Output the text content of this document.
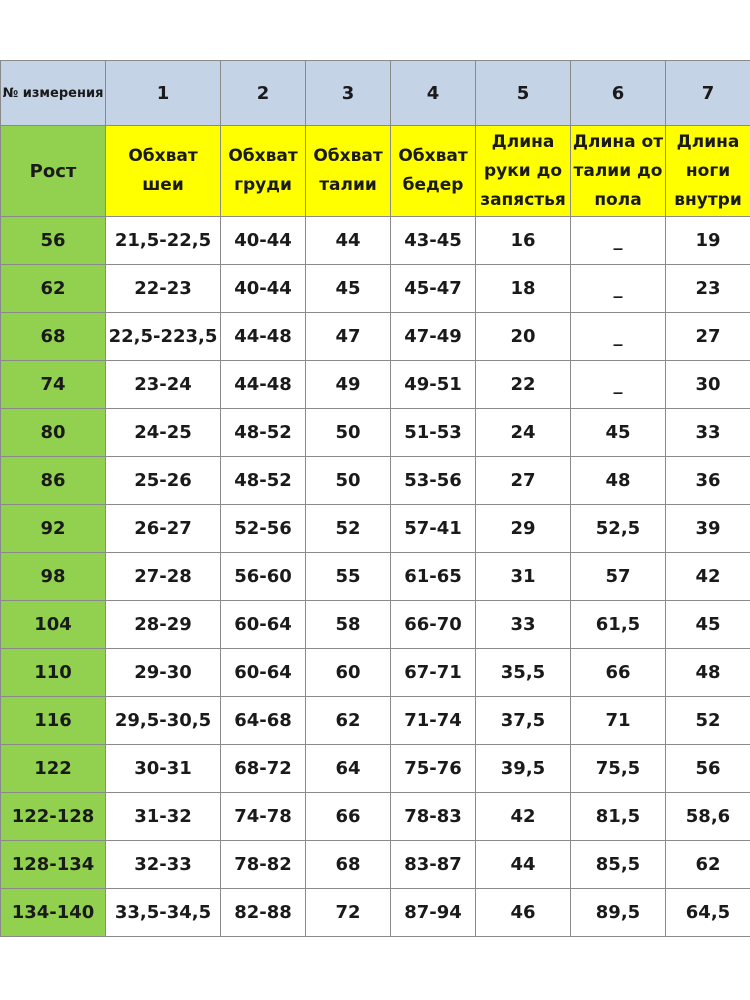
№ измерения	1	2	3	4	5	6	7
Рост	Обхват шеи	Обхват груди	Обхват талии	Обхват бедер	Длина руки до запястья	Длина от талии до пола	Длина ноги внутри
56	21,5-22,5	40-44	44	43-45	16	_	19
62	22-23	40-44	45	45-47	18	_	23
68	22,5-223,5	44-48	47	47-49	20	_	27
74	23-24	44-48	49	49-51	22	_	30
80	24-25	48-52	50	51-53	24	45	33
86	25-26	48-52	50	53-56	27	48	36
92	26-27	52-56	52	57-41	29	52,5	39
98	27-28	56-60	55	61-65	31	57	42
104	28-29	60-64	58	66-70	33	61,5	45
110	29-30	60-64	60	67-71	35,5	66	48
116	29,5-30,5	64-68	62	71-74	37,5	71	52
122	30-31	68-72	64	75-76	39,5	75,5	56
122-128	31-32	74-78	66	78-83	42	81,5	58,6
128-134	32-33	78-82	68	83-87	44	85,5	62
134-140	33,5-34,5	82-88	72	87-94	46	89,5	64,5
